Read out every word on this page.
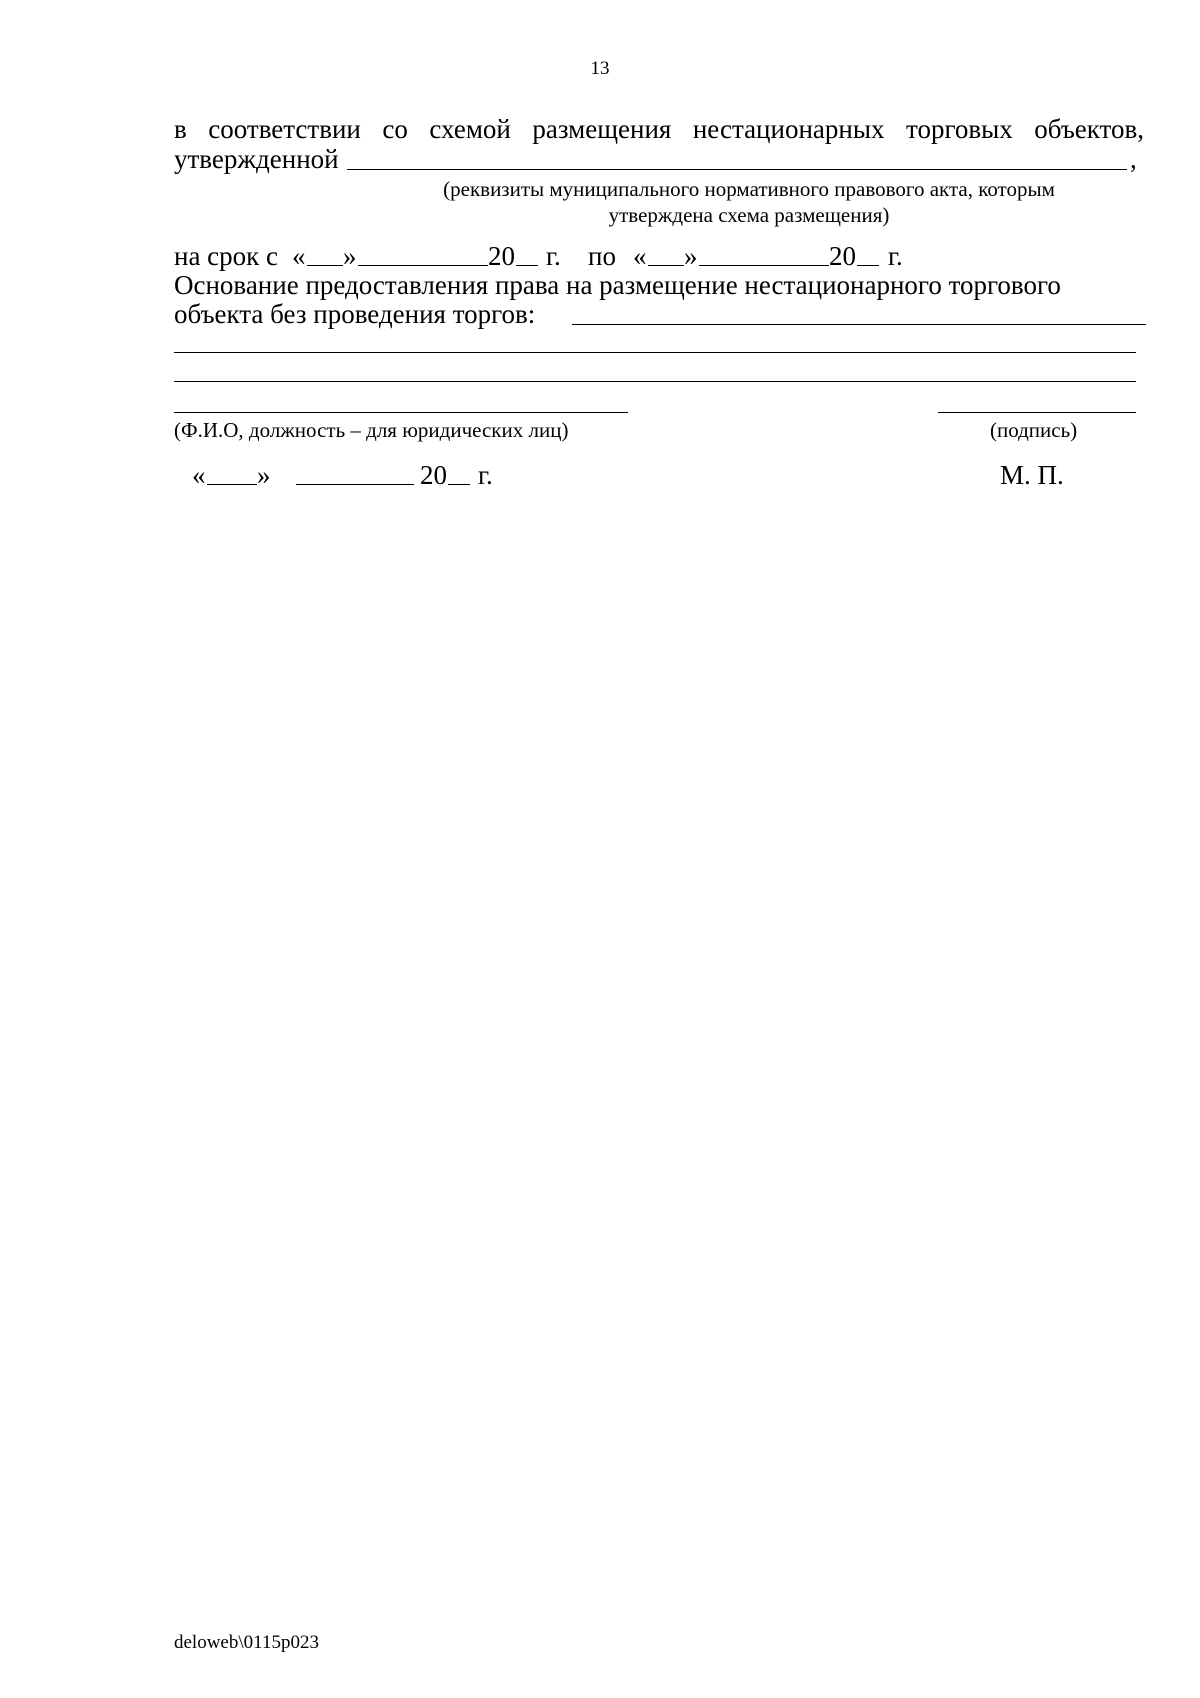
13
в соответствии со схемой размещения нестационарных торговых объектов,
утвержденной	,
(реквизиты муниципального нормативного правового акта, которым
утверждена схема размещения)
на срок с « »	20 г. по « »	20 г.
Основание предоставления права на размещение нестационарного торгового
объекта без проведения торгов:
(Ф.И.О, должность – для юридических лиц)	(подпись)
« »	20 г.	М. П.
deloweb\0115p023
